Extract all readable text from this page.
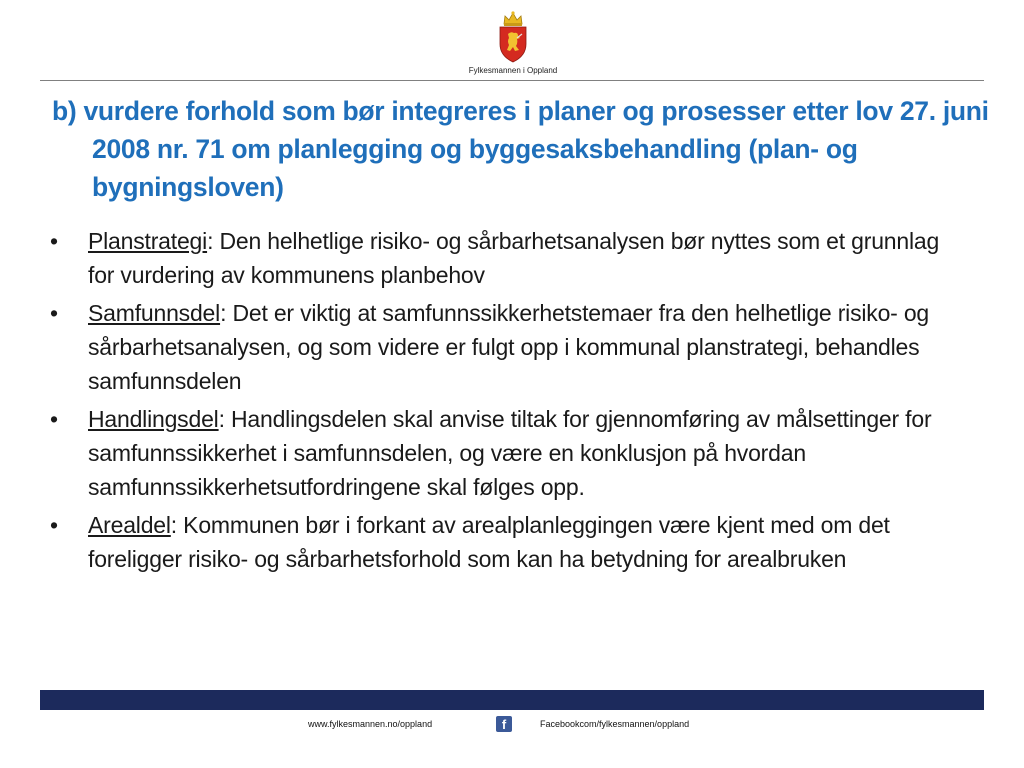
Fylkesmannen i Oppland
b) vurdere forhold som bør integreres i planer og prosesser etter lov 27. juni 2008 nr. 71 om planlegging og byggesaksbehandling (plan- og bygningsloven)
• Planstrategi: Den helhetlige risiko- og sårbarhetsanalysen bør nyttes som et grunnlag for vurdering av kommunens planbehov
• Samfunnsdel: Det er viktig at samfunnssikkerhetstemaer fra den helhetlige risiko- og sårbarhetsanalysen, og som videre er fulgt opp i kommunal planstrategi, behandles samfunnsdelen
• Handlingsdel: Handlingsdelen skal anvise tiltak for gjennomføring av målsettinger for samfunnssikkerhet i samfunnsdelen, og være en konklusjon på hvordan samfunnssikkerhetsutfordringene skal følges opp.
• Arealdel: Kommunen bør i forkant av arealplanleggingen være kjent med om det foreligger risiko- og sårbarhetsforhold som kan ha betydning for arealbruken
www.fylkesmannen.no/oppland	f	Facebookcom/fylkesmannen/oppland
